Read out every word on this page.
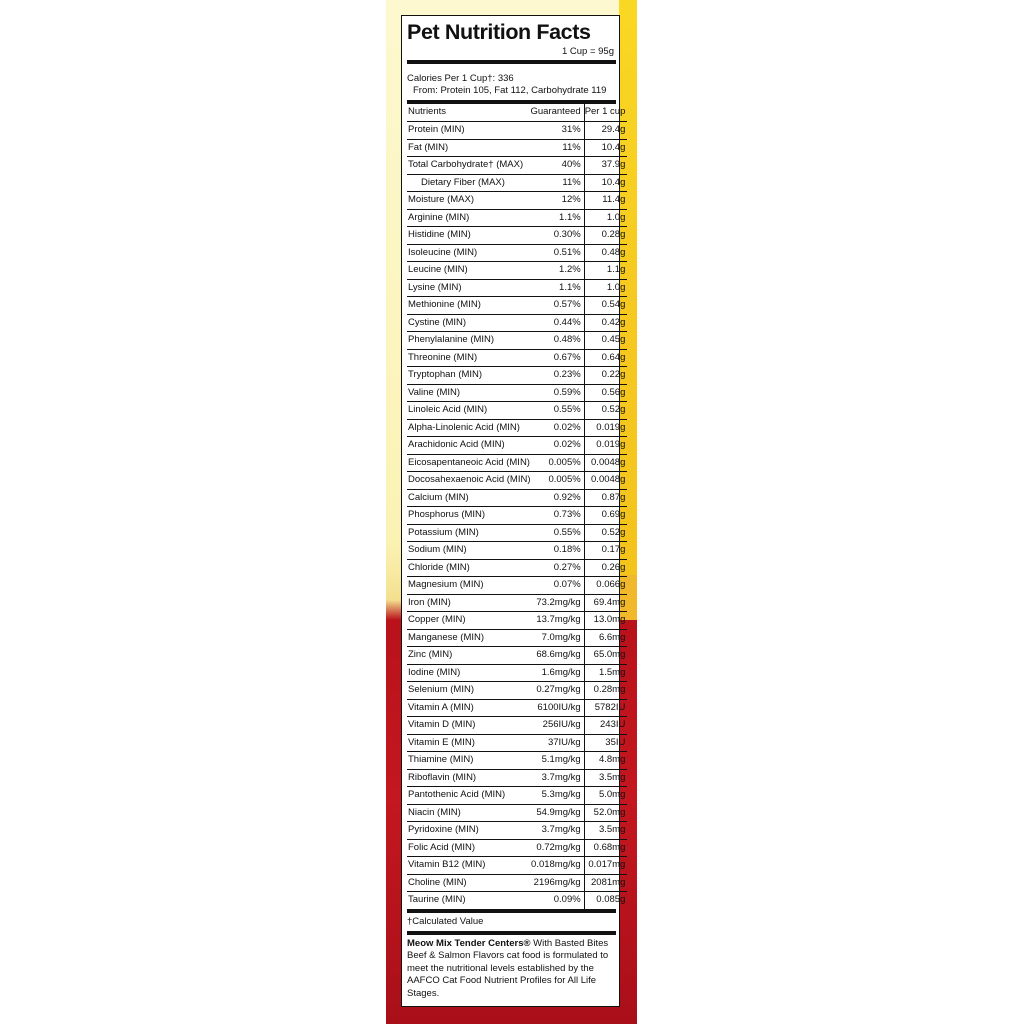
Pet Nutrition Facts
1 Cup = 95g
Calories Per 1 Cup†: 336
From: Protein 105, Fat 112, Carbohydrate 119
Nutrients	Guaranteed	Per 1 cup
Protein (MIN)	31%	29.4g
Fat (MIN)	11%	10.4g
Total Carbohydrate† (MAX)	40%	37.9g
Dietary Fiber (MAX)	11%	10.4g
Moisture (MAX)	12%	11.4g
Arginine (MIN)	1.1%	1.0g
Histidine (MIN)	0.30%	0.28g
Isoleucine (MIN)	0.51%	0.48g
Leucine (MIN)	1.2%	1.1g
Lysine (MIN)	1.1%	1.0g
Methionine (MIN)	0.57%	0.54g
Cystine (MIN)	0.44%	0.42g
Phenylalanine (MIN)	0.48%	0.45g
Threonine (MIN)	0.67%	0.64g
Tryptophan (MIN)	0.23%	0.22g
Valine (MIN)	0.59%	0.56g
Linoleic Acid (MIN)	0.55%	0.52g
Alpha-Linolenic Acid (MIN)	0.02%	0.019g
Arachidonic Acid (MIN)	0.02%	0.019g
Eicosapentaneoic Acid (MIN)	0.005%	0.0048g
Docosahexaenoic Acid (MIN)	0.005%	0.0048g
Calcium (MIN)	0.92%	0.87g
Phosphorus (MIN)	0.73%	0.69g
Potassium (MIN)	0.55%	0.52g
Sodium (MIN)	0.18%	0.17g
Chloride (MIN)	0.27%	0.26g
Magnesium (MIN)	0.07%	0.066g
Iron (MIN)	73.2mg/kg	69.4mg
Copper (MIN)	13.7mg/kg	13.0mg
Manganese (MIN)	7.0mg/kg	6.6mg
Zinc (MIN)	68.6mg/kg	65.0mg
Iodine (MIN)	1.6mg/kg	1.5mg
Selenium (MIN)	0.27mg/kg	0.28mg
Vitamin A (MIN)	6100IU/kg	5782IU
Vitamin D (MIN)	256IU/kg	243IU
Vitamin E (MIN)	37IU/kg	35IU
Thiamine (MIN)	5.1mg/kg	4.8mg
Riboflavin (MIN)	3.7mg/kg	3.5mg
Pantothenic Acid (MIN)	5.3mg/kg	5.0mg
Niacin (MIN)	54.9mg/kg	52.0mg
Pyridoxine (MIN)	3.7mg/kg	3.5mg
Folic Acid (MIN)	0.72mg/kg	0.68mg
Vitamin B12 (MIN)	0.018mg/kg	0.017mg
Choline (MIN)	2196mg/kg	2081mg
Taurine (MIN)	0.09%	0.085g
†Calculated Value
Meow Mix Tender Centers® With Basted Bites Beef & Salmon Flavors cat food is formulated to meet the nutritional levels established by the AAFCO Cat Food Nutrient Profiles for All Life Stages.
